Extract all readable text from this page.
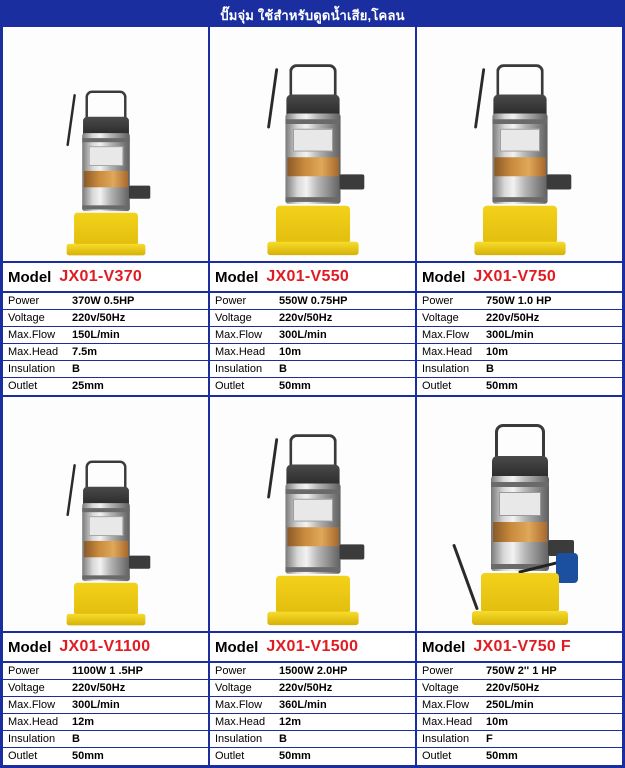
ปั๊มจุ่ม ใช้สำหรับดูดน้ำเสีย,โคลน
Model JX01-V370
Power	370W 0.5HP
Voltage	220v/50Hz
Max.Flow	150L/min
Max.Head	7.5m
Insulation	B
Outlet	25mm
Model JX01-V550
Power	550W 0.75HP
Voltage	220v/50Hz
Max.Flow	300L/min
Max.Head	10m
Insulation	B
Outlet	50mm
Model JX01-V750
Power	750W 1.0 HP
Voltage	220v/50Hz
Max.Flow	300L/min
Max.Head	10m
Insulation	B
Outlet	50mm
Model JX01-V1100
Power	1100W 1 .5HP
Voltage	220v/50Hz
Max.Flow	300L/min
Max.Head	12m
Insulation	B
Outlet	50mm
Model JX01-V1500
Power	1500W 2.0HP
Voltage	220v/50Hz
Max.Flow	360L/min
Max.Head	12m
Insulation	B
Outlet	50mm
Model JX01-V750 F
Power	750W 2'' 1 HP
Voltage	220v/50Hz
Max.Flow	250L/min
Max.Head	10m
Insulation	F
Outlet	50mm
